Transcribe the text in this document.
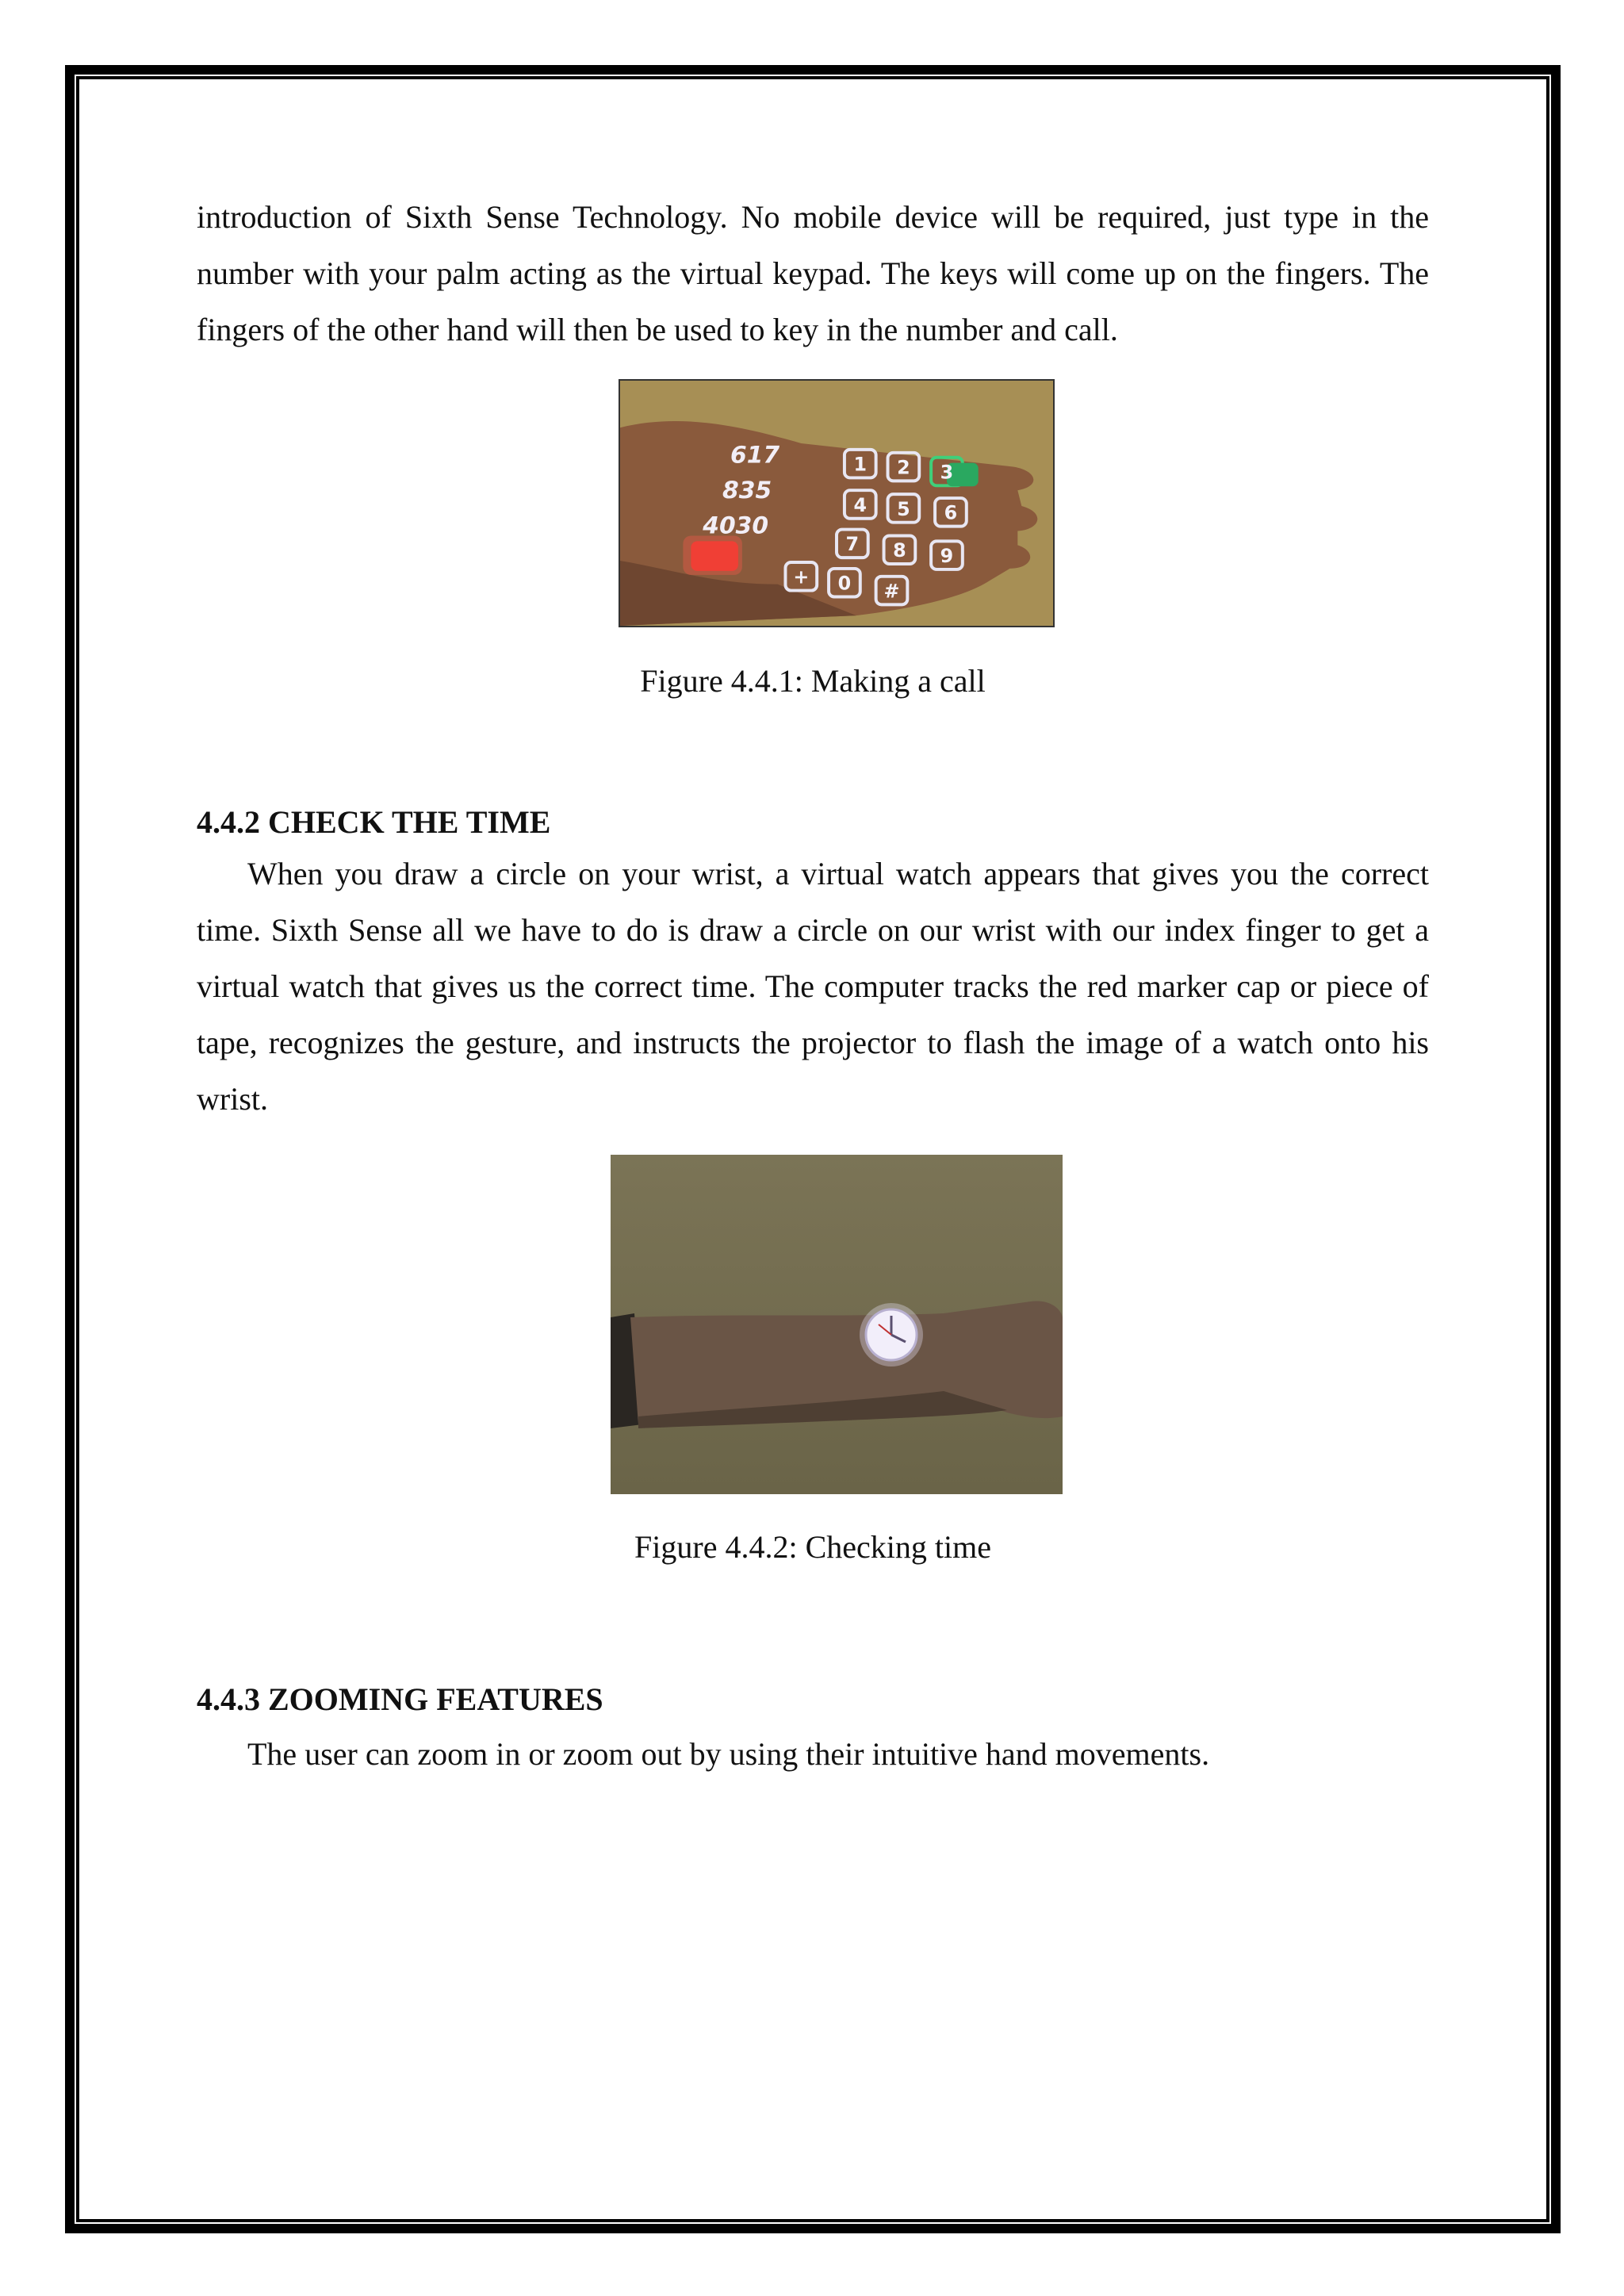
introduction of Sixth Sense Technology. No mobile device will be required, just type in the number with your palm acting as the virtual keypad. The keys will come up on the fingers. The fingers of the other hand will then be used to key in the number and call.

1 2 3
4 5 6
7 8 9
+ 0 #
617
835
4030

Figure 4.4.1: Making a call

4.4.2 CHECK THE TIME

When you draw a circle on your wrist, a virtual watch appears that gives you the correct time. Sixth Sense all we have to do is draw a circle on our wrist with our index finger to get a virtual watch that gives us the correct time. The computer tracks the red marker cap or piece of tape, recognizes the gesture, and instructs the projector to flash the image of a watch onto his wrist.

Figure 4.4.2: Checking time

4.4.3 ZOOMING FEATURES

The user can zoom in or zoom out by using their intuitive hand movements.
